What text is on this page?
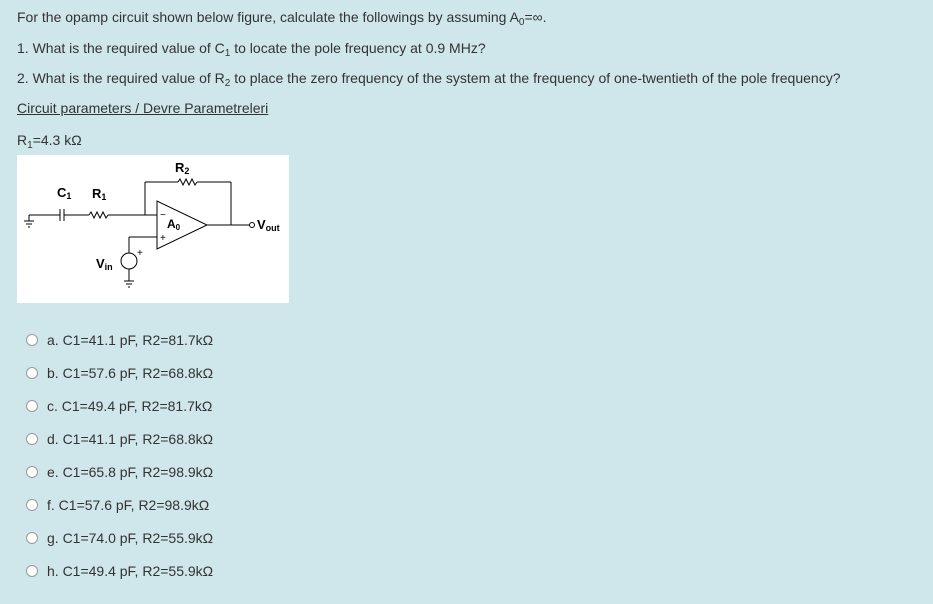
For the opamp circuit shown below figure, calculate the followings by assuming $A_0=\infty$.
1. What is the required value of $C_1$ to locate the pole frequency at 0.9 MHz?
2. What is the required value of $R_2$ to place the zero frequency of the system at the frequency of one-twentieth of the pole frequency?
Circuit parameters / Devre Parametreleri
$R_1=4.3$ kΩ
R2
C1 R1
A0
−
+
+
Vin
Vout
a. C1=41.1 pF, R2=81.7kΩ
b. C1=57.6 pF, R2=68.8kΩ
c. C1=49.4 pF, R2=81.7kΩ
d. C1=41.1 pF, R2=68.8kΩ
e. C1=65.8 pF, R2=98.9kΩ
f. C1=57.6 pF, R2=98.9kΩ
g. C1=74.0 pF, R2=55.9kΩ
h. C1=49.4 pF, R2=55.9kΩ
